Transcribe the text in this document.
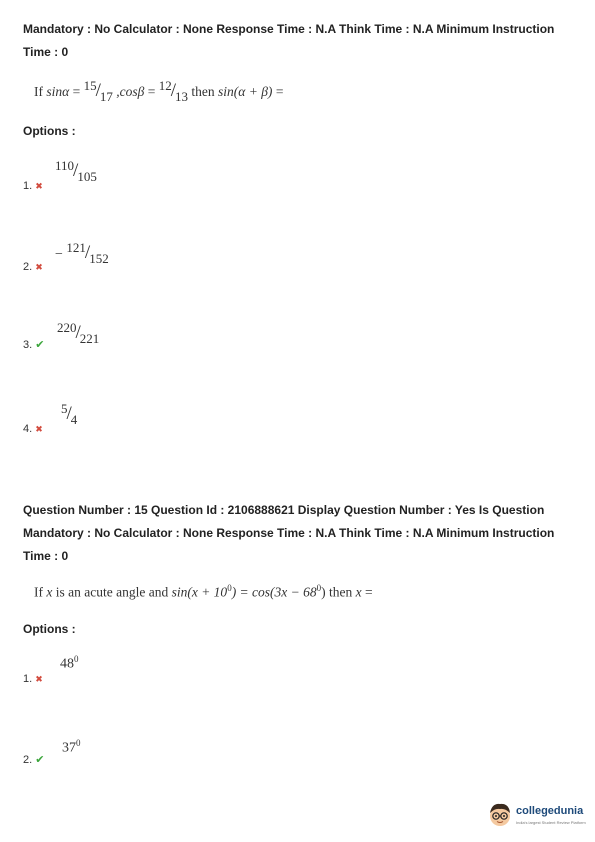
Mandatory : No Calculator : None Response Time : N.A Think Time : N.A Minimum Instruction Time : 0
If sinα = 15/17 ,cosβ = 12/13 then sin(α + β) =
Options :
110/105
1. ✖
− 121/152
2. ✖
220/221
3. ✔
5/4
4. ✖
Question Number : 15 Question Id : 2106888621 Display Question Number : Yes Is Question Mandatory : No Calculator : None Response Time : N.A Think Time : N.A Minimum Instruction Time : 0
If x is an acute angle and $\sin(x + 10^0) = \cos(3x - 68^0)$ then x =
Options :
$48^0$
1. ✖
$37^0$
2. ✔
collegedunia
India's largest Student Review Platform
